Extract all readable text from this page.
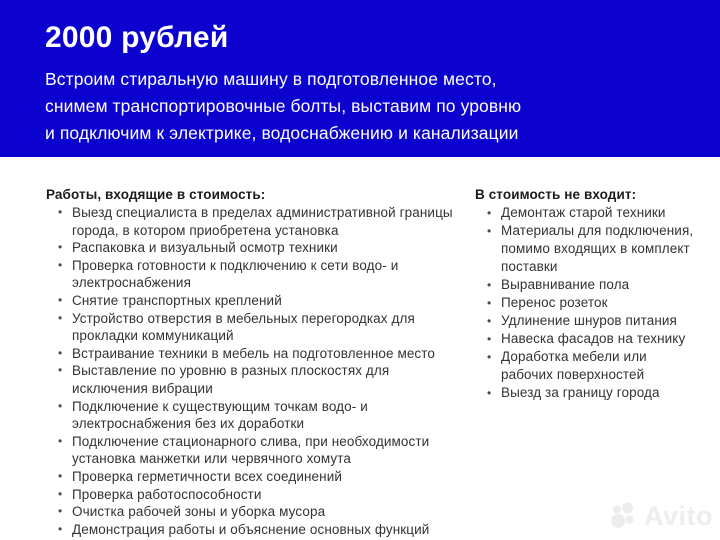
2000 рублей
Встроим стиральную машину в подготовленное место,
снимем транспортировочные болты, выставим по уровню
и подключим к электрике, водоснабжению и канализации
Работы, входящие в стоимость:
• Выезд специалиста в пределах административной границы города, в котором приобретена установка
• Распаковка и визуальный осмотр техники
• Проверка готовности к подключению к сети водо- и электроснабжения
• Снятие транспортных креплений
• Устройство отверстия в мебельных перегородках для прокладки коммуникаций
• Встраивание техники в мебель на подготовленное место
• Выставление по уровню в разных плоскостях для исключения вибрации
• Подключение к существующим точкам водо- и электроснабжения без их доработки
• Подключение стационарного слива, при необходимости установка манжетки или червячного хомута
• Проверка герметичности всех соединений
• Проверка работоспособности
• Очистка рабочей зоны и уборка мусора
• Демонстрация работы и объяснение основных функций
В стоимость не входит:
• Демонтаж старой техники
• Материалы для подключения, помимо входящих в комплект поставки
• Выравнивание пола
• Перенос розеток
• Удлинение шнуров питания
• Навеска фасадов на технику
• Доработка мебели или рабочих поверхностей
• Выезд за границу города
Avito
